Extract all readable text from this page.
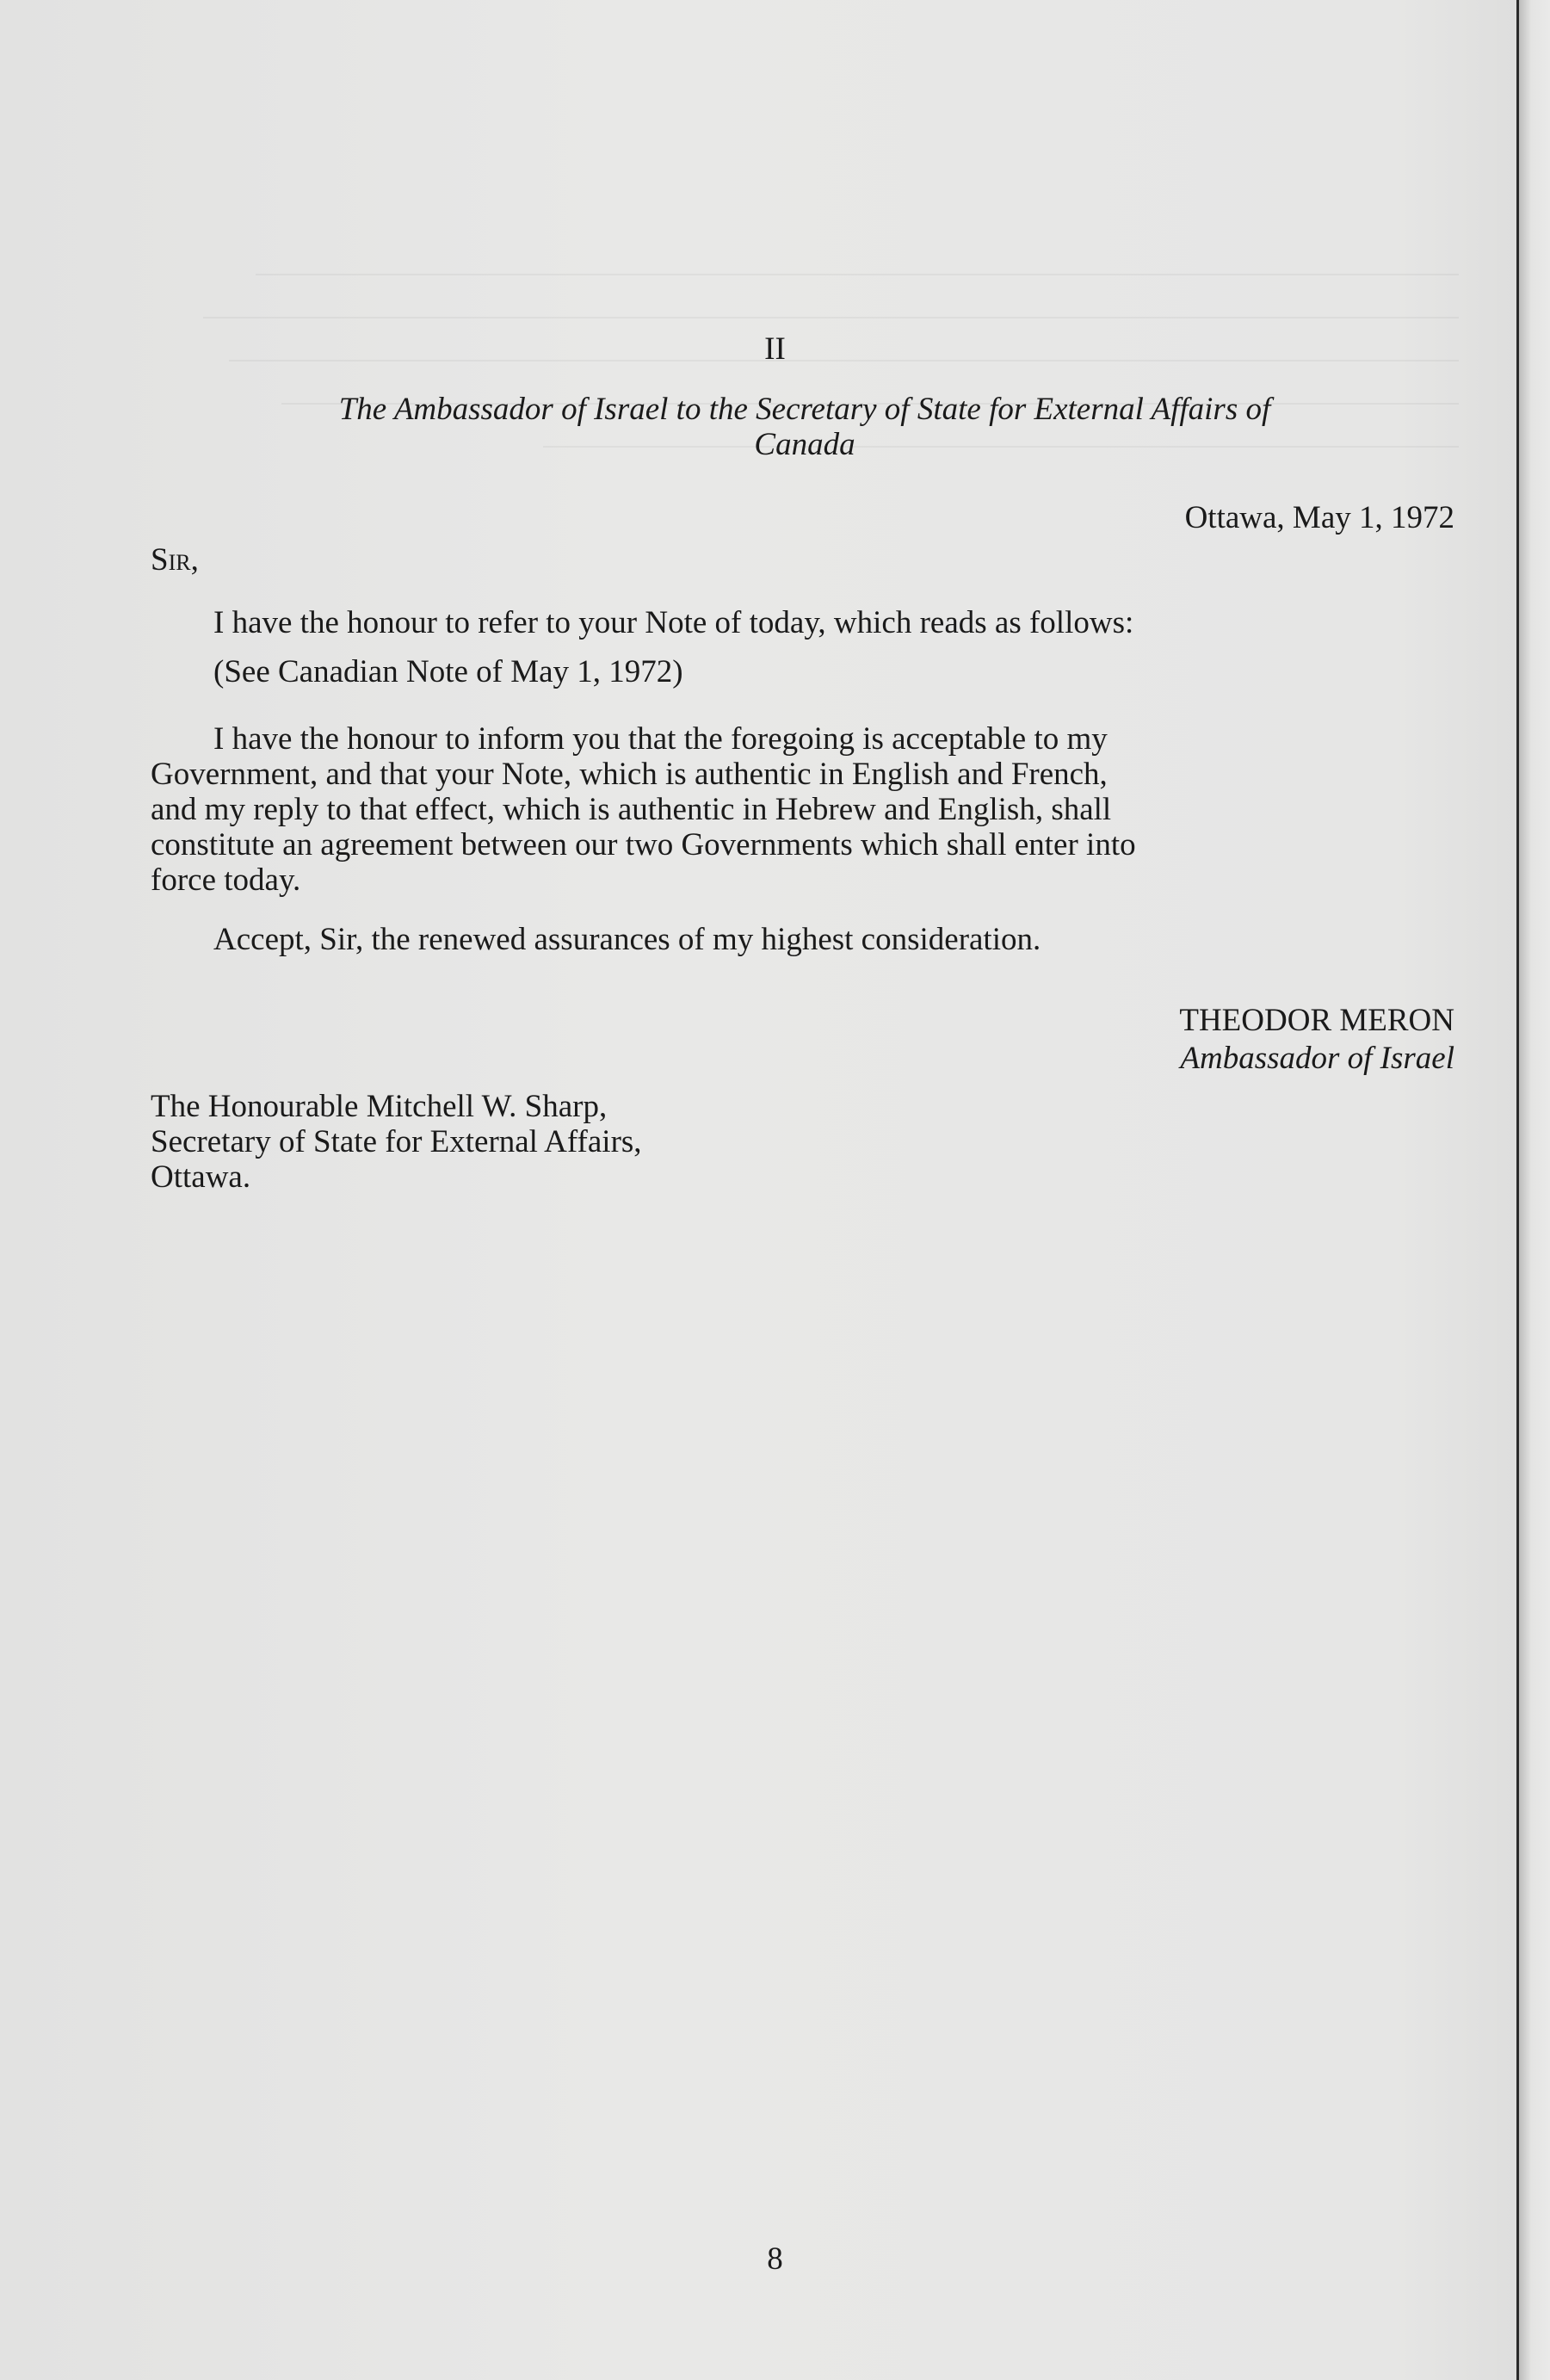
II
The Ambassador of Israel to the Secretary of State for External Affairs of
Canada
Ottawa, May 1, 1972
Sir,
I have the honour to refer to your Note of today, which reads as follows:
(See Canadian Note of May 1, 1972)
I have the honour to inform you that the foregoing is acceptable to my
Government, and that your Note, which is authentic in English and French,
and my reply to that effect, which is authentic in Hebrew and English, shall
constitute an agreement between our two Governments which shall enter into
force today.
Accept, Sir, the renewed assurances of my highest consideration.
THEODOR MERON
Ambassador of Israel
The Honourable Mitchell W. Sharp,
Secretary of State for External Affairs,
Ottawa.
8
